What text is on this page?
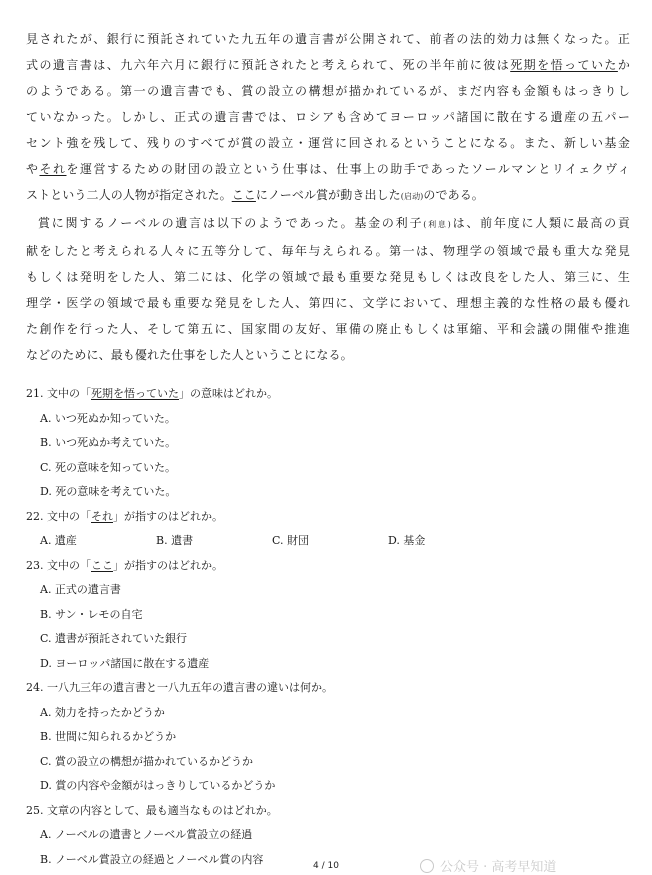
見されたが、銀行に預託されていた九五年の遺言書が公開されて、前者の法的効力は無くなった。正

式の遺言書は、九六年六月に銀行に預託されたと考えられて、死の半年前に彼は死期を悟っていたか

のようである。第一の遺言書でも、賞の設立の構想が描かれているが、まだ内容も金額もはっきりし

ていなかった。しかし、正式の遺言書では、ロシアも含めてヨーロッパ諸国に散在する遺産の五パー

セント強を残して、残りのすべてが賞の設立・運営に回されるということになる。また、新しい基金

やそれを運営するための財団の設立という仕事は、仕事上の助手であったソールマンとリイェクヴィ

ストという二人の人物が指定された。ここにノーベル賞が動き出した(启动)のである。

賞に関するノーベルの遺言は以下のようであった。基金の利子(利息)は、前年度に人類に最高の貢

献をしたと考えられる人々に五等分して、毎年与えられる。第一は、物理学の領域で最も重大な発見

もしくは発明をした人、第二には、化学の領域で最も重要な発見もしくは改良をした人、第三に、生

理学・医学の領域で最も重要な発見をした人、第四に、文学において、理想主義的な性格の最も優れ

た創作を行った人、そして第五に、国家間の友好、軍備の廃止もしくは軍縮、平和会議の開催や推進

などのために、最も優れた仕事をした人ということになる。

21. 文中の「死期を悟っていた」の意味はどれか。
A. いつ死ぬか知っていた。
B. いつ死ぬか考えていた。
C. 死の意味を知っていた。
D. 死の意味を考えていた。
22. 文中の「それ」が指すのはどれか。
A. 遺産	B. 遺書	C. 財団	D. 基金
23. 文中の「ここ」が指すのはどれか。
A. 正式の遺言書
B. サン・レモの自宅
C. 遺書が預託されていた銀行
D. ヨーロッパ諸国に散在する遺産
24. 一八九三年の遺言書と一八九五年の遺言書の違いは何か。
A. 効力を持ったかどうか
B. 世間に知られるかどうか
C. 賞の設立の構想が描かれているかどうか
D. 賞の内容や金額がはっきりしているかどうか
25. 文章の内容として、最も適当なものはどれか。
A. ノーベルの遺書とノーベル賞設立の経過
B. ノーベル賞設立の経過とノーベル賞の内容
4 / 10	公众号 · 高考早知道
